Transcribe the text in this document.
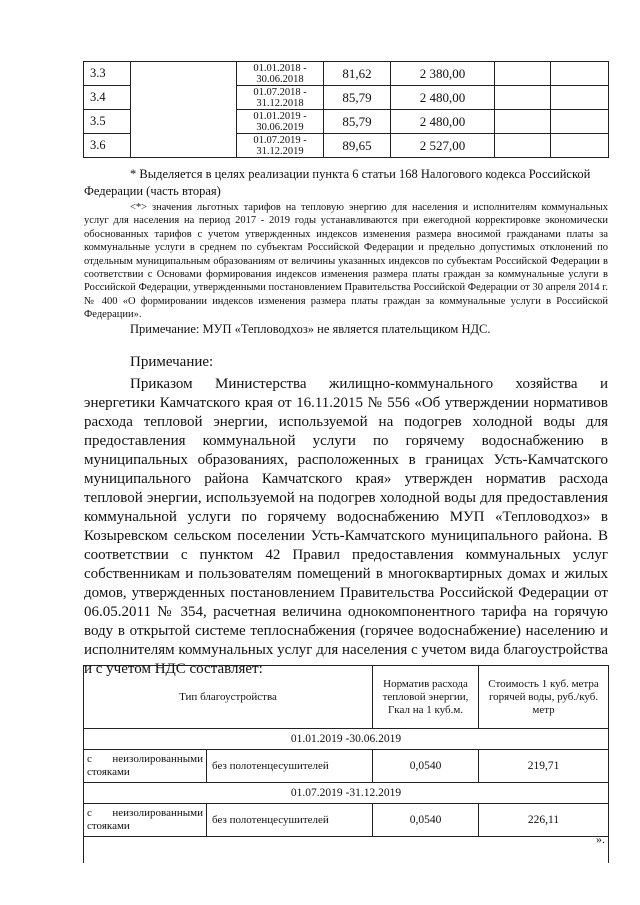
3.3		01.01.2018 -
30.06.2018	81,62	2 380,00		
3.4		01.07.2018 -
31.12.2018	85,79	2 480,00		
3.5		01.01.2019 -
30.06.2019	85,79	2 480,00		
3.6		01.07.2019 -
31.12.2019	89,65	2 527,00		
* Выделяется в целях реализации пункта 6 статьи 168 Налогового кодекса Российской Федерации (часть вторая)

<*> значения льготных тарифов на тепловую энергию для населения и исполнителям коммунальных услуг для населения на период 2017 - 2019 годы устанавливаются при ежегодной корректировке экономически обоснованных тарифов с учетом утвержденных индексов изменения размера вносимой гражданами платы за коммунальные услуги в среднем по субъектам Российской Федерации и предельно допустимых отклонений по отдельным муниципальным образованиям от величины указанных индексов по субъектам Российской Федерации в соответствии с Основами формирования индексов изменения размера платы граждан за коммунальные услуги в Российской Федерации, утвержденными постановлением Правительства Российской Федерации от 30 апреля 2014 г. № 400 «О формировании индексов изменения размера платы граждан за коммунальные услуги в Российской Федерации».

Примечание: МУП «Тепловодхоз» не является плательщиком НДС.

Примечание:

Приказом Министерства жилищно-коммунального хозяйства и энергетики Камчатского края от 16.11.2015 № 556 «Об утверждении нормативов расхода тепловой энергии, используемой на подогрев холодной воды для предоставления коммунальной услуги по горячему водоснабжению в муниципальных образованиях, расположенных в границах Усть-Камчатского муниципального района Камчатского края» утвержден норматив расхода тепловой энергии, используемой на подогрев холодной воды для предоставления коммунальной услуги по горячему водоснабжению МУП «Тепловодхоз» в Козыревском сельском поселении Усть-Камчатского муниципального района. В соответствии с пунктом 42 Правил предоставления коммунальных услуг собственникам и пользователям помещений в многоквартирных домах и жилых домов, утвержденных постановлением Правительства Российской Федерации от 06.05.2011 № 354, расчетная величина однокомпонентного тарифа на горячую воду в открытой системе теплоснабжения (горячее водоснабжение) населению и исполнителям коммунальных услуг для населения с учетом вида благоустройства и с учетом НДС составляет:

Тип благоустройства		Норматив расхода тепловой энергии, Гкал на 1 куб.м.	Стоимость 1 куб. метра горячей воды, руб./куб. метр
01.01.2019 -30.06.2019			
с неизолированными стояками	без полотенцесушителей	0,0540	219,71
01.07.2019 -31.12.2019			
с неизолированными стояками	без полотенцесушителей	0,0540	226,11

».
